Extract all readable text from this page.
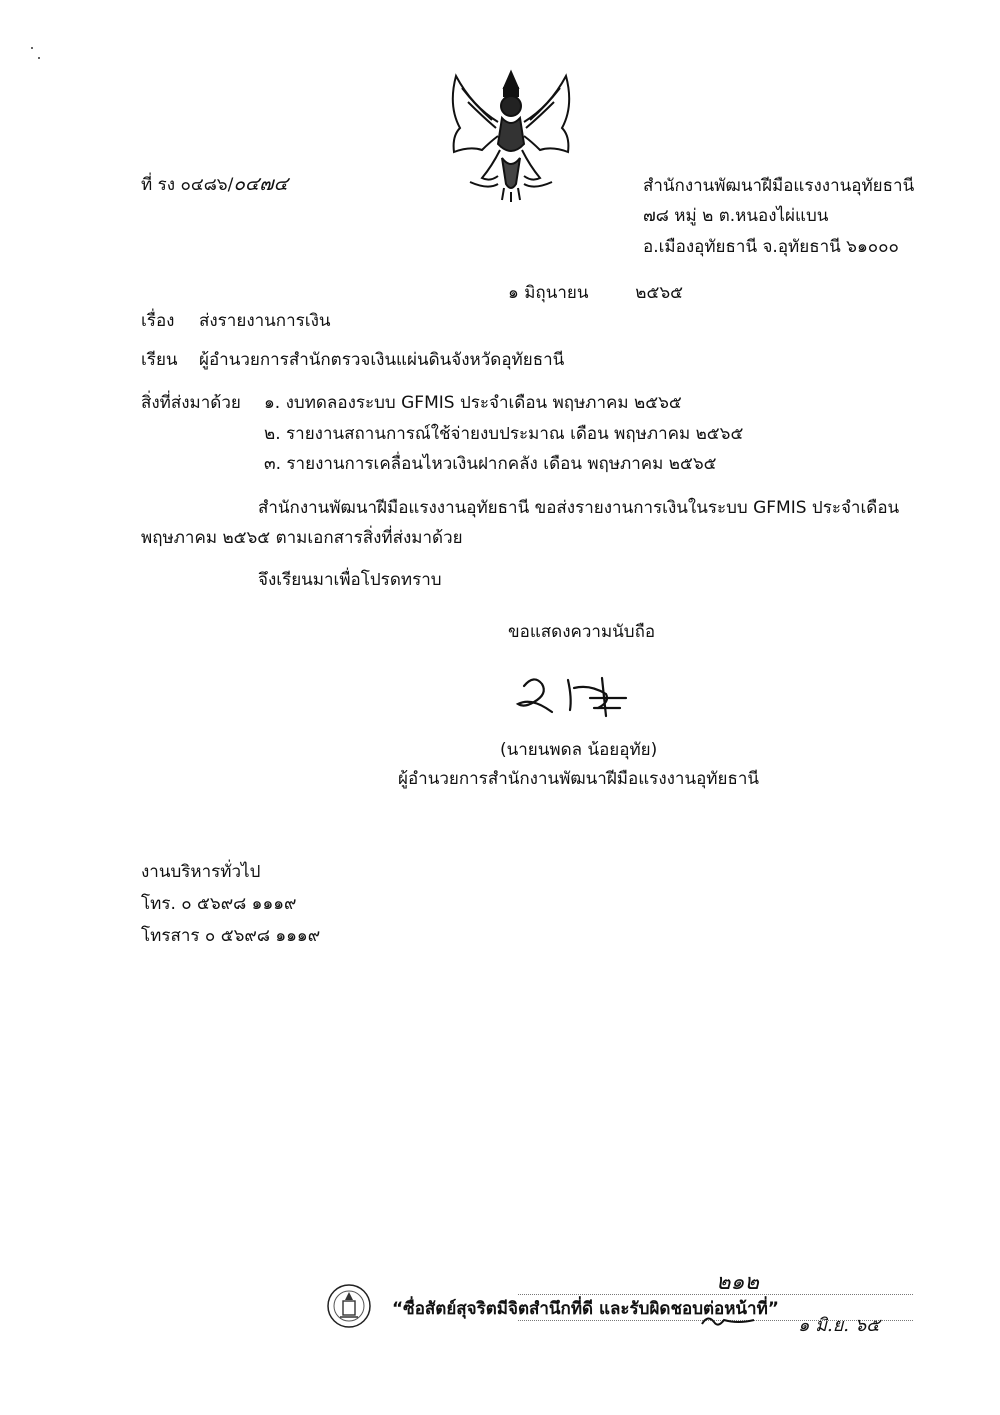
ที่ รง ๐๔๘๖/๐๔๗๔	สำนักงานพัฒนาฝีมือแรงงานอุทัยธานี
๗๘ หมู่ ๒ ต.หนองไผ่แบน
อ.เมืองอุทัยธานี จ.อุทัยธานี ๖๑๐๐๐
๑ มิถุนายน	๒๕๖๕
เรื่อง ส่งรายงานการเงิน
เรียน ผู้อำนวยการสำนักตรวจเงินแผ่นดินจังหวัดอุทัยธานี
สิ่งที่ส่งมาด้วย ๑. งบทดลองระบบ GFMIS ประจำเดือน พฤษภาคม ๒๕๖๕
๒. รายงานสถานการณ์ใช้จ่ายงบประมาณ เดือน พฤษภาคม ๒๕๖๕
๓. รายงานการเคลื่อนไหวเงินฝากคลัง เดือน พฤษภาคม ๒๕๖๕
สำนักงานพัฒนาฝีมือแรงงานอุทัยธานี ขอส่งรายงานการเงินในระบบ GFMIS ประจำเดือน
พฤษภาคม ๒๕๖๕ ตามเอกสารสิ่งที่ส่งมาด้วย
จึงเรียนมาเพื่อโปรดทราบ
ขอแสดงความนับถือ
(นายนพดล น้อยอุทัย)
ผู้อำนวยการสำนักงานพัฒนาฝีมือแรงงานอุทัยธานี
งานบริหารทั่วไป
โทร. ๐ ๕๖๙๘ ๑๑๑๙
โทรสาร ๐ ๕๖๙๘ ๑๑๑๙
๒๑๒
๑ มิ.ย. ๖๕
“ซื่อสัตย์สุจริตมีจิตสำนึกที่ดี และรับผิดชอบต่อหน้าที่”
